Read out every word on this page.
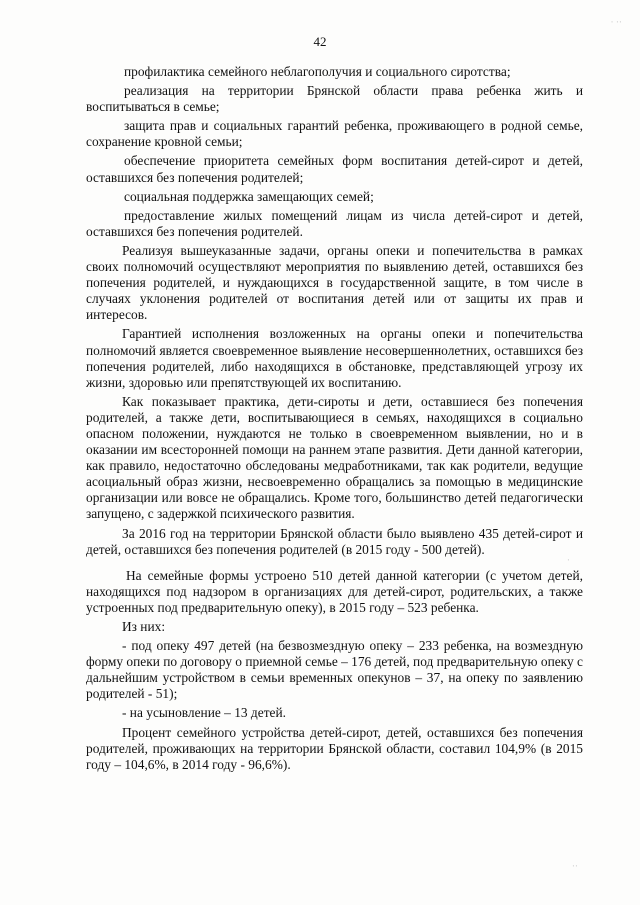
42

профилактика семейного неблагополучия и социального сиротства;

реализация на территории Брянской области права ребенка жить и воспитываться в семье;

защита прав и социальных гарантий ребенка, проживающего в родной семье, сохранение кровной семьи;

обеспечение приоритета семейных форм воспитания детей-сирот и детей, оставшихся без попечения родителей;

социальная поддержка замещающих семей;

предоставление жилых помещений лицам из числа детей-сирот и детей, оставшихся без попечения родителей.

Реализуя вышеуказанные задачи, органы опеки и попечительства в рамках своих полномочий осуществляют мероприятия по выявлению детей, оставшихся без попечения родителей, и нуждающихся в государственной защите, в том числе в случаях уклонения родителей от воспитания детей или от защиты их прав и интересов.

Гарантией исполнения возложенных на органы опеки и попечительства полномочий является своевременное выявление несовершеннолетних, оставшихся без попечения родителей, либо находящихся в обстановке, представляющей угрозу их жизни, здоровью или препятствующей их воспитанию.

Как показывает практика, дети-сироты и дети, оставшиеся без попечения родителей, а также дети, воспитывающиеся в семьях, находящихся в социально опасном положении, нуждаются не только в своевременном выявлении, но и в оказании им всесторонней помощи на раннем этапе развития. Дети данной категории, как правило, недостаточно обследованы медработниками, так как родители, ведущие асоциальный образ жизни, несвоевременно обращались за помощью в медицинские организации или вовсе не обращались. Кроме того, большинство детей педагогически запущено, с задержкой психического развития.

За 2016 год на территории Брянской области было выявлено 435 детей-сирот и детей, оставшихся без попечения родителей (в 2015 году - 500 детей).

На семейные формы устроено 510 детей данной категории (с учетом детей, находящихся под надзором в организациях для детей-сирот, родительских, а также устроенных под предварительную опеку), в 2015 году – 523 ребенка.

Из них:

- под опеку 497 детей (на безвозмездную опеку – 233 ребенка, на возмездную форму опеки по договору о приемной семье – 176 детей, под предварительную опеку с дальнейшим устройством в семьи временных опекунов – 37, на опеку по заявлению родителей - 51);

- на усыновление – 13 детей.

Процент семейного устройства детей-сирот, детей, оставшихся без попечения родителей, проживающих на территории Брянской области, составил 104,9% (в 2015 году – 104,6%, в 2014 году - 96,6%).

⋅ ⋅⋅
⋅
⋅⋅
